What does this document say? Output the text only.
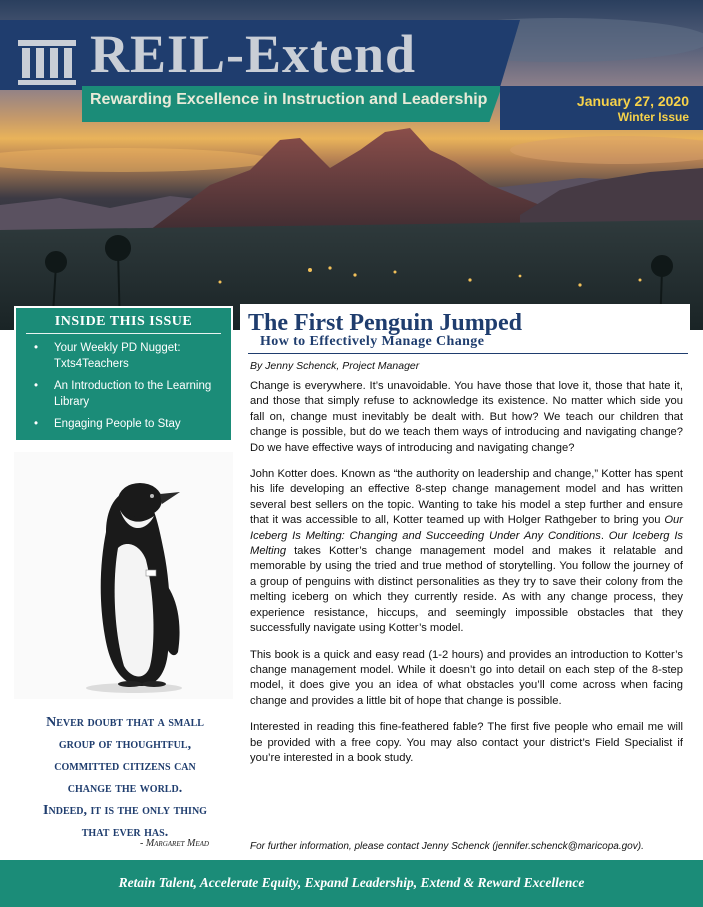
REIL-Extend
Rewarding Excellence in Instruction and Leadership	January 27, 2020
Winter Issue
INSIDE THIS ISSUE
• Your Weekly PD Nugget: Txts4Teachers
• An Introduction to the Learning Library
• Engaging People to Stay
Never doubt that a small
group of thoughtful,
committed citizens can
change the world.
Indeed, it is the only thing
that ever has.
- Margaret Mead
The First Penguin Jumped
How to Effectively Manage Change
By Jenny Schenck, Project Manager

Change is everywhere. It’s unavoidable. You have those that love it, those that hate it, and those that simply refuse to acknowledge its existence. No matter which side you fall on, change must inevitably be dealt with. But how? We teach our children that change is possible, but do we teach them ways of introducing and navigating change? Do we have effective ways of introducing and navigating change?

John Kotter does. Known as “the authority on leadership and change,” Kotter has spent his life developing an effective 8-step change management model and has written several best sellers on the topic. Wanting to take his model a step further and ensure that it was accessible to all, Kotter teamed up with Holger Rathgeber to bring you Our Iceberg Is Melting: Changing and Succeeding Under Any Conditions. Our Iceberg Is Melting takes Kotter’s change management model and makes it relatable and memorable by using the tried and true method of storytelling. You follow the journey of a group of penguins with distinct personalities as they try to save their colony from the melting iceberg on which they currently reside. As with any change process, they experience resistance, hiccups, and seemingly impossible obstacles that they successfully navigate using Kotter’s model.

This book is a quick and easy read (1-2 hours) and provides an introduction to Kotter’s change management model. While it doesn’t go into detail on each step of the 8-step model, it does give you an idea of what obstacles you’ll come across when facing change and provides a little bit of hope that change is possible.

Interested in reading this fine-feathered fable? The first five people who email me will be provided with a free copy. You may also contact your district’s Field Specialist if you’re interested in a book study.

For further information, please contact Jenny Schenck (jennifer.schenck@maricopa.gov).
Retain Talent, Accelerate Equity, Expand Leadership, Extend & Reward Excellence
